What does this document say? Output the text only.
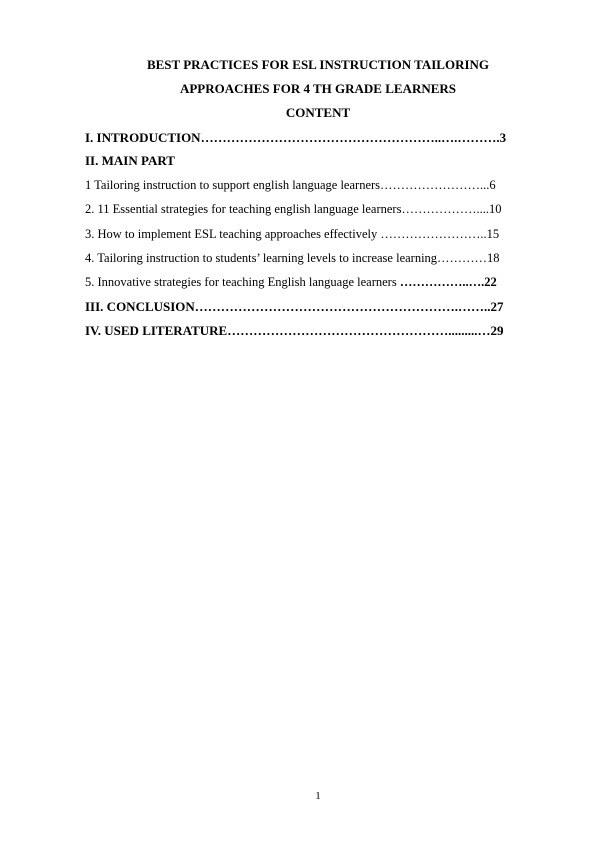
BEST PRACTICES FOR ESL INSTRUCTION TAILORING
APPROACHES FOR 4 TH GRADE LEARNERS
CONTENT
I. INTRODUCTION………………………………………………..….……….3
II. MAIN PART
1 Tailoring instruction to support english language learners……………………...6
2. 11 Essential strategies for teaching english language learners………………....10
3. How to implement ESL teaching approaches effectively ……………………..15
4. Tailoring instruction to students’ learning levels to increase learning…………18
5. Innovative strategies for teaching English language learners ……………..….22
III. CONCLUSION…………………………………………………….……..27
IV. USED LITERATURE…………………………………………….........…29
1
